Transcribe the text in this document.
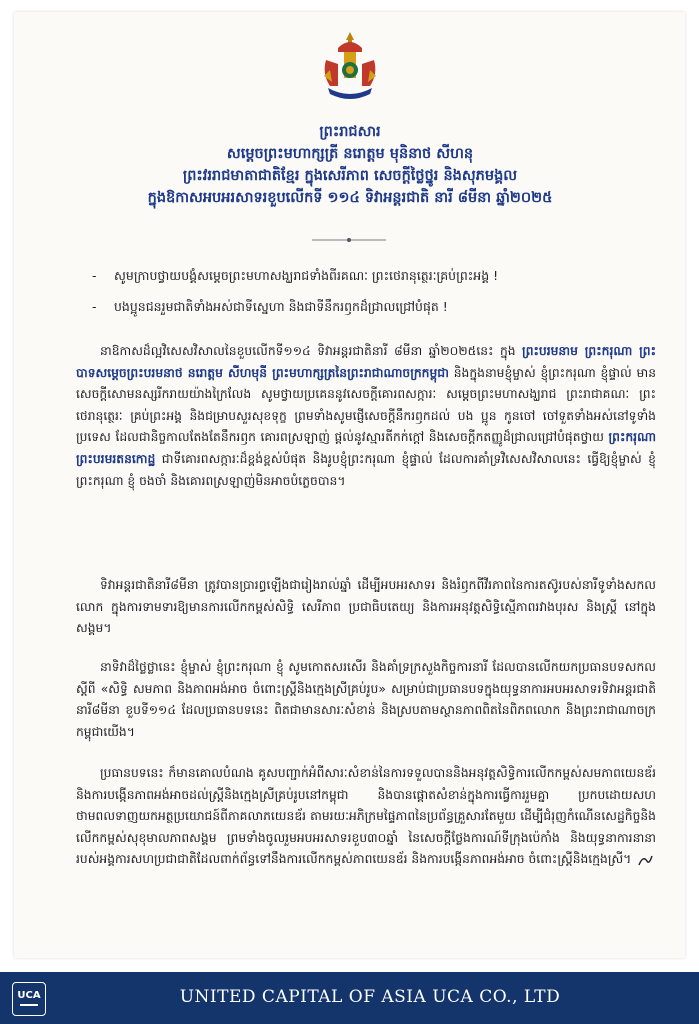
ព្រះរាជសារ
សម្ដេចព្រះមហាក្សត្រី នរោត្តម មុនិនាថ សីហនុ
ព្រះវររាជមាតាជាតិខ្មែរ ក្នុងសេរីភាព សេចក្ដីថ្លៃថ្នូរ និងសុភមង្គល
ក្នុងឱកាសអបអរសាទរខួបលើកទី ១១៤ ទិវាអន្តរជាតិ នារី ៨មីនា ឆ្នាំ២០២៥
- សូមក្រាបថ្វាយបង្គំសម្ដេចព្រះមហាសង្ឃរាជទាំងពីរគណៈ ព្រះថេរានុត្ថេរៈគ្រប់ព្រះអង្គ !
- បងប្អូនជនរួមជាតិទាំងអស់ជាទីស្នេហា និងជាទីនឹករឭកដ៏ជ្រាលជ្រៅបំផុត !
នាឱកាសដ៏ល្អវិសេសវិសាលនៃខួបលើកទី១១៤ ទិវាអន្តរជាតិនារី ៨មីនា ឆ្នាំ២០២៥នេះ ក្នុង ព្រះបរមនាម ព្រះករុណា ព្រះបាទសម្ដេចព្រះបរមនាថ នរោត្តម សីហមុនី ព្រះមហាក្សត្រនៃព្រះរាជាណាចក្រកម្ពុជា និងក្នុងនាមខ្ញុំម្ចាស់ ខ្ញុំព្រះករុណា ខ្ញុំផ្ទាល់ មានសេចក្ដីសោមនស្សរីករាយយ៉ាងក្រៃលែង សូមថ្វាយប្រគេននូវសេចក្ដីគោរពសក្ការៈ សម្ដេចព្រះមហាសង្ឃរាជ ព្រះរាជាគណៈ ព្រះថេរានុត្ថេរៈ គ្រប់ព្រះអង្គ និងជម្រាបសួរសុខទុក្ខ ព្រមទាំងសូមផ្ញើសេចក្ដីនឹករឭកដល់ បង ប្អូន កូនចៅ ចៅទួតទាំងអស់នៅទូទាំងប្រទេស ដែលជានិច្ចកាលតែងតែនឹករឭក គោរពស្រឡាញ់ ផ្ដល់នូវស្មារតីកក់ក្ដៅ និងសេចក្ដីកតញ្ញូដ៏ជ្រាលជ្រៅបំផុតថ្វាយ ព្រះករុណា ព្រះបរមរតនកោដ្ឋ ជាទីគោរពសក្ការៈដ៏ខ្ពង់ខ្ពស់បំផុត និងរូបខ្ញុំព្រះករុណា ខ្ញុំផ្ទាល់ ដែលការគាំទ្រវិសេសវិសាលនេះ ធ្វើឱ្យខ្ញុំម្ចាស់ ខ្ញុំព្រះករុណា ខ្ញុំ ចងចាំ និងគោរពស្រឡាញ់មិនអាចបំភ្លេចបាន។
ទិវាអន្តរជាតិនារី៨មីនា ត្រូវបានប្រារព្ធឡើងជារៀងរាល់ឆ្នាំ ដើម្បីអបអរសាទរ និងរំឭកពីវីរភាពនៃការតស៊ូរបស់នារីទូទាំងសកលលោក ក្នុងការទាមទារឱ្យមានការលើកកម្ពស់សិទ្ធិ សេរីភាព ប្រជាធិបតេយ្យ និងការអនុវត្តសិទ្ធិស្មើភាពរវាងបុរស និងស្ត្រី នៅក្នុងសង្គម។
នាទិវាដ៏ថ្លៃថ្លានេះ ខ្ញុំម្ចាស់ ខ្ញុំព្រះករុណា ខ្ញុំ សូមកោតសរសើរ និងគាំទ្រក្រសួងកិច្ចការនារី ដែលបានលើកយកប្រធានបទសកលស្ដីពី «សិទ្ធិ សមភាព និងភាពអង់អាច ចំពោះស្ត្រីនិងក្មេងស្រីគ្រប់រូប» សម្រាប់ជាប្រធានបទក្នុងយុទ្ធនាការអបអរសាទរទិវាអន្តរជាតិនារី៨មីនា ខួបទី១១៤ ដែលប្រធានបទនេះ ពិតជាមានសារៈសំខាន់ និងស្របតាមស្ថានភាពពិតនៃពិភពលោក និងព្រះរាជាណាចក្រកម្ពុជាយើង។
ប្រធានបទនេះ ក៏មានគោលបំណង គូសបញ្ជាក់អំពីសារៈសំខាន់នៃការទទួលបាននិងអនុវត្តសិទ្ធិការលើកកម្ពស់សមភាពយេនឌ័រ និងការបង្កើនភាពអង់អាចដល់ស្ត្រីនិងក្មេងស្រីគ្រប់រូបនៅកម្ពុជា និងបានផ្ដោតសំខាន់ក្នុងការធ្វើការរួមគ្នា ប្រកបដោយសហថាមពលទាញយកអត្ថប្រយោជន៍ពីភាគលាភយេនឌ័រ តាមរយៈអភិក្រមផ្ទៃភាពនៃប្រព័ន្ធគ្រួសារតែមួយ ដើម្បីជំរុញកំណើនសេដ្ឋកិច្ចនិងលើកកម្ពស់សុខុមាលភាពសង្គម ព្រមទាំងចូលរួមអបអរសាទរខួប៣០ឆ្នាំ នៃសេចក្ដីថ្លែងការណ៍ទីក្រុងប៉េកាំង និងយុទ្ធនាការនានារបស់អង្គការសហប្រជាជាតិដែលពាក់ព័ន្ធទៅនឹងការលើកកម្ពស់ភាពយេនឌ័រ និងការបង្កើនភាពអង់អាច ចំពោះស្ត្រីនិងក្មេងស្រី។
UCA	UNITED CAPITAL OF ASIA UCA CO., LTD
